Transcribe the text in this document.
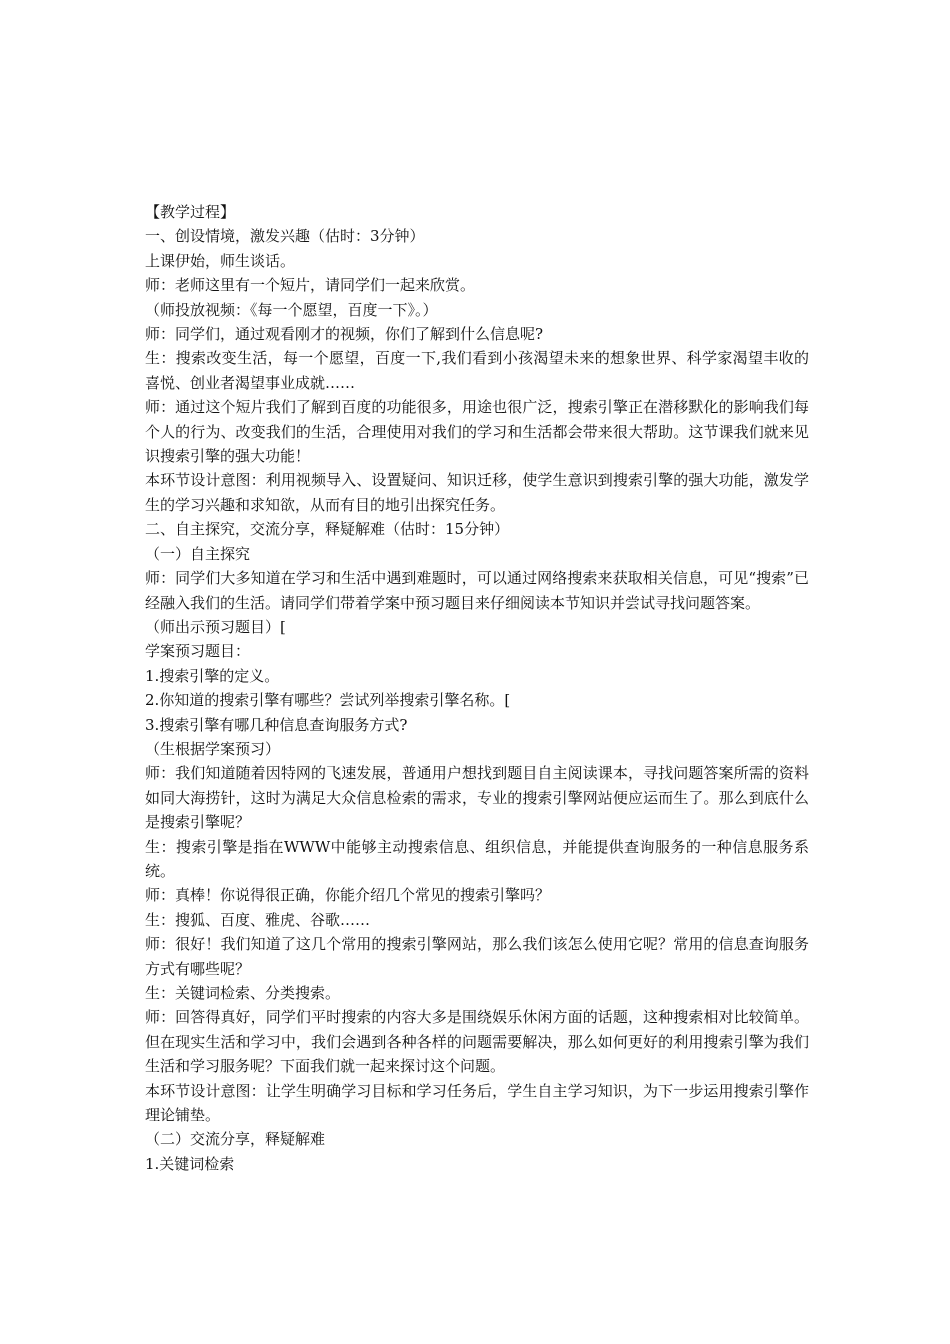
【教学过程】

一、创设情境，激发兴趣（估时：3分钟）

上课伊始，师生谈话。

师：老师这里有一个短片，请同学们一起来欣赏。

（师投放视频：《每一个愿望，百度一下》。）

师：同学们，通过观看刚才的视频，你们了解到什么信息呢?

生：搜索改变生活，每一个愿望，百度一下,我们看到小孩渴望未来的想象世界、科学家渴望丰收的喜悦、创业者渴望事业成就……

师：通过这个短片我们了解到百度的功能很多，用途也很广泛，搜索引擎正在潜移默化的影响我们每个人的行为、改变我们的生活，合理使用对我们的学习和生活都会带来很大帮助。这节课我们就来见识搜索引擎的强大功能！

本环节设计意图：利用视频导入、设置疑问、知识迁移，使学生意识到搜索引擎的强大功能，激发学生的学习兴趣和求知欲，从而有目的地引出探究任务。

二、自主探究，交流分享，释疑解难（估时：15分钟）

（一）自主探究

师：同学们大多知道在学习和生活中遇到难题时，可以通过网络搜索来获取相关信息，可见“搜索”已经融入我们的生活。请同学们带着学案中预习题目来仔细阅读本节知识并尝试寻找问题答案。

（师出示预习题目）[

学案预习题目：

1.搜索引擎的定义。

2.你知道的搜索引擎有哪些？尝试列举搜索引擎名称。[

3.搜索引擎有哪几种信息查询服务方式?

（生根据学案预习）

师：我们知道随着因特网的飞速发展，普通用户想找到题目自主阅读课本，寻找问题答案所需的资料如同大海捞针，这时为满足大众信息检索的需求，专业的搜索引擎网站便应运而生了。那么到底什么是搜索引擎呢？

生：搜索引擎是指在WWW中能够主动搜索信息、组织信息，并能提供查询服务的一种信息服务系统。

师：真棒！你说得很正确，你能介绍几个常见的搜索引擎吗？

生：搜狐、百度、雅虎、谷歌……

师：很好！我们知道了这几个常用的搜索引擎网站，那么我们该怎么使用它呢？常用的信息查询服务方式有哪些呢？

生：关键词检索、分类搜索。

师：回答得真好，同学们平时搜索的内容大多是围绕娱乐休闲方面的话题，这种搜索相对比较简单。但在现实生活和学习中，我们会遇到各种各样的问题需要解决，那么如何更好的利用搜索引擎为我们生活和学习服务呢？下面我们就一起来探讨这个问题。

本环节设计意图：让学生明确学习目标和学习任务后，学生自主学习知识，为下一步运用搜索引擎作理论铺垫。

（二）交流分享，释疑解难

1.关键词检索
